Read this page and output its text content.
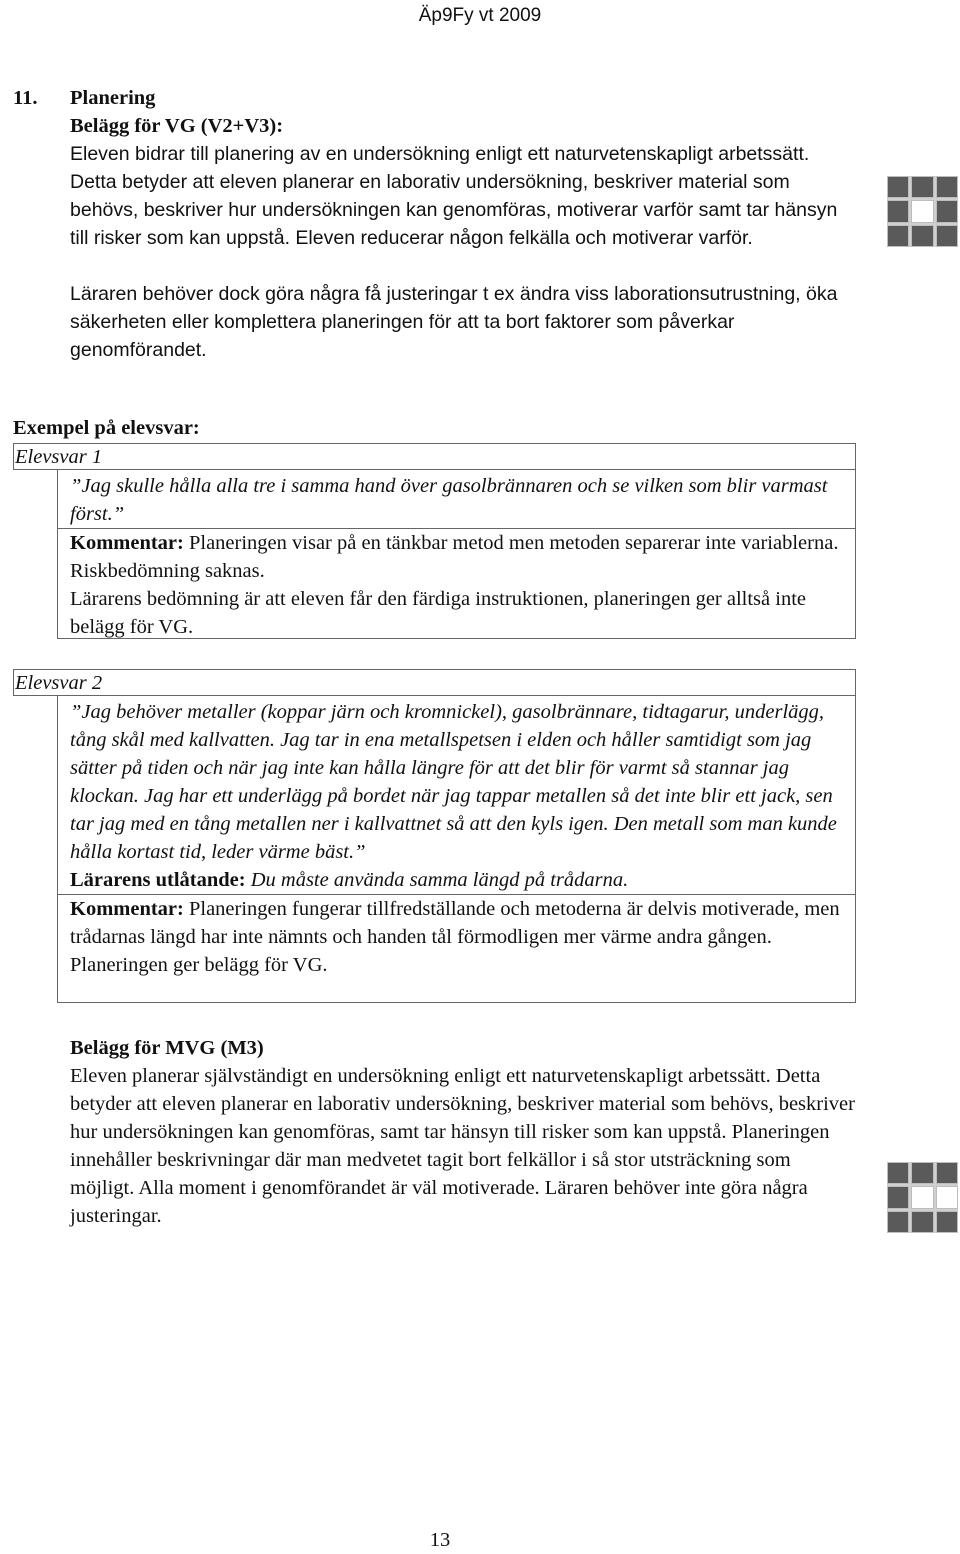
Äp9Fy vt 2009
11. Planering

Belägg för VG (V2+V3):

Eleven bidrar till planering av en undersökning enligt ett naturvetenskapligt arbetssätt. Detta betyder att eleven planerar en laborativ undersökning, beskriver material som behövs, beskriver hur undersökningen kan genomföras, motiverar varför samt tar hänsyn till risker som kan uppstå. Eleven reducerar någon felkälla och motiverar varför.

Läraren behöver dock göra några få justeringar t ex ändra viss laborationsutrustning, öka säkerheten eller komplettera planeringen för att ta bort faktorer som påverkar genomförandet.

Exempel på elevsvar:
Elevsvar 1

”Jag skulle hålla alla tre i samma hand över gasolbrännaren och se vilken som blir varmast först.”

Kommentar: Planeringen visar på en tänkbar metod men metoden separerar inte variablerna. Riskbedömning saknas.

Lärarens bedömning är att eleven får den färdiga instruktionen, planeringen ger alltså inte belägg för VG.

Elevsvar 2

”Jag behöver metaller (koppar järn och kromnickel), gasolbrännare, tidtagarur, underlägg, tång skål med kallvatten. Jag tar in ena metallspetsen i elden och håller samtidigt som jag sätter på tiden och när jag inte kan hålla längre för att det blir för varmt så stannar jag klockan. Jag har ett underlägg på bordet när jag tappar metallen så det inte blir ett jack, sen tar jag med en tång metallen ner i kallvattnet så att den kyls igen. Den metall som man kunde hålla kortast tid, leder värme bäst.”

Lärarens utlåtande: Du måste använda samma längd på trådarna.

Kommentar: Planeringen fungerar tillfredställande och metoderna är delvis motiverade, men trådarnas längd har inte nämnts och handen tål förmodligen mer värme andra gången. Planeringen ger belägg för VG.

Belägg för MVG (M3)

Eleven planerar självständigt en undersökning enligt ett naturvetenskapligt arbetssätt. Detta betyder att eleven planerar en laborativ undersökning, beskriver material som behövs, beskriver hur undersökningen kan genomföras, samt tar hänsyn till risker som kan uppstå. Planeringen innehåller beskrivningar där man medvetet tagit bort felkällor i så stor utsträckning som möjligt. Alla moment i genomförandet är väl motiverade. Läraren behöver inte göra några justeringar.

13
